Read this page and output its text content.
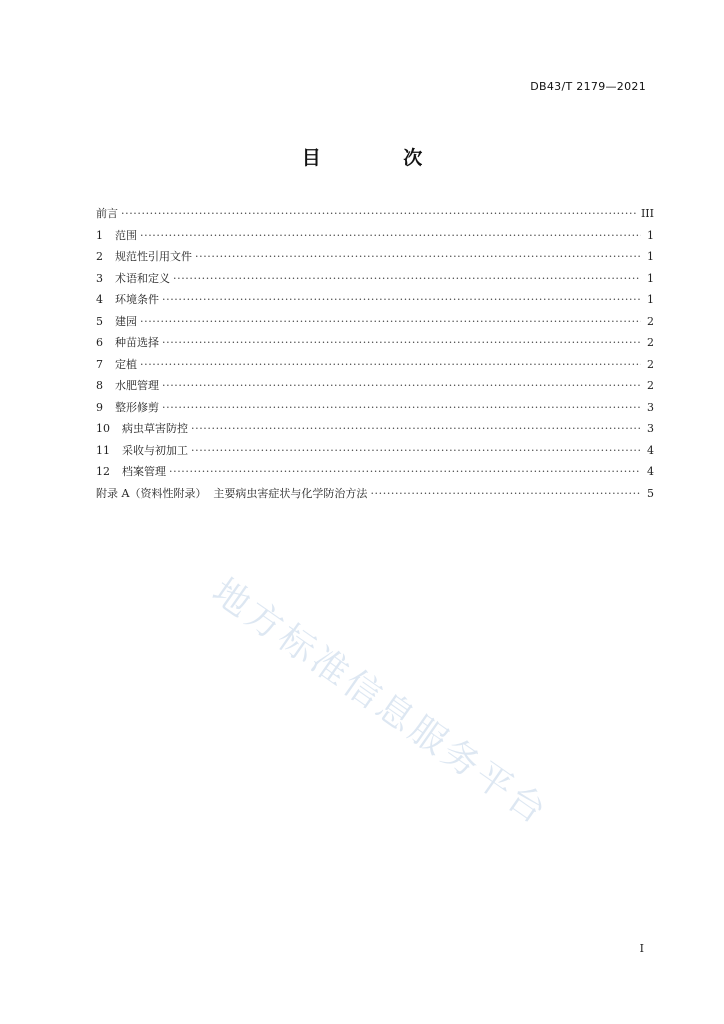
DB43/T 2179—2021
目 次
前言 ·····	III
1	范围 ·····	1
2	规范性引用文件 ·····	1
3	术语和定义 ·····	1
4	环境条件 ·····	1
5	建园 ·····	2
6	种苗选择 ·····	2
7	定植 ·····	2
8	水肥管理 ·····	2
9	整形修剪 ·····	3
10	病虫草害防控 ·····	3
11	采收与初加工 ·····	4
12	档案管理 ·····	4
附录 A（资料性附录）  主要病虫害症状与化学防治方法 ·····	5
地方标准信息服务平台
I
